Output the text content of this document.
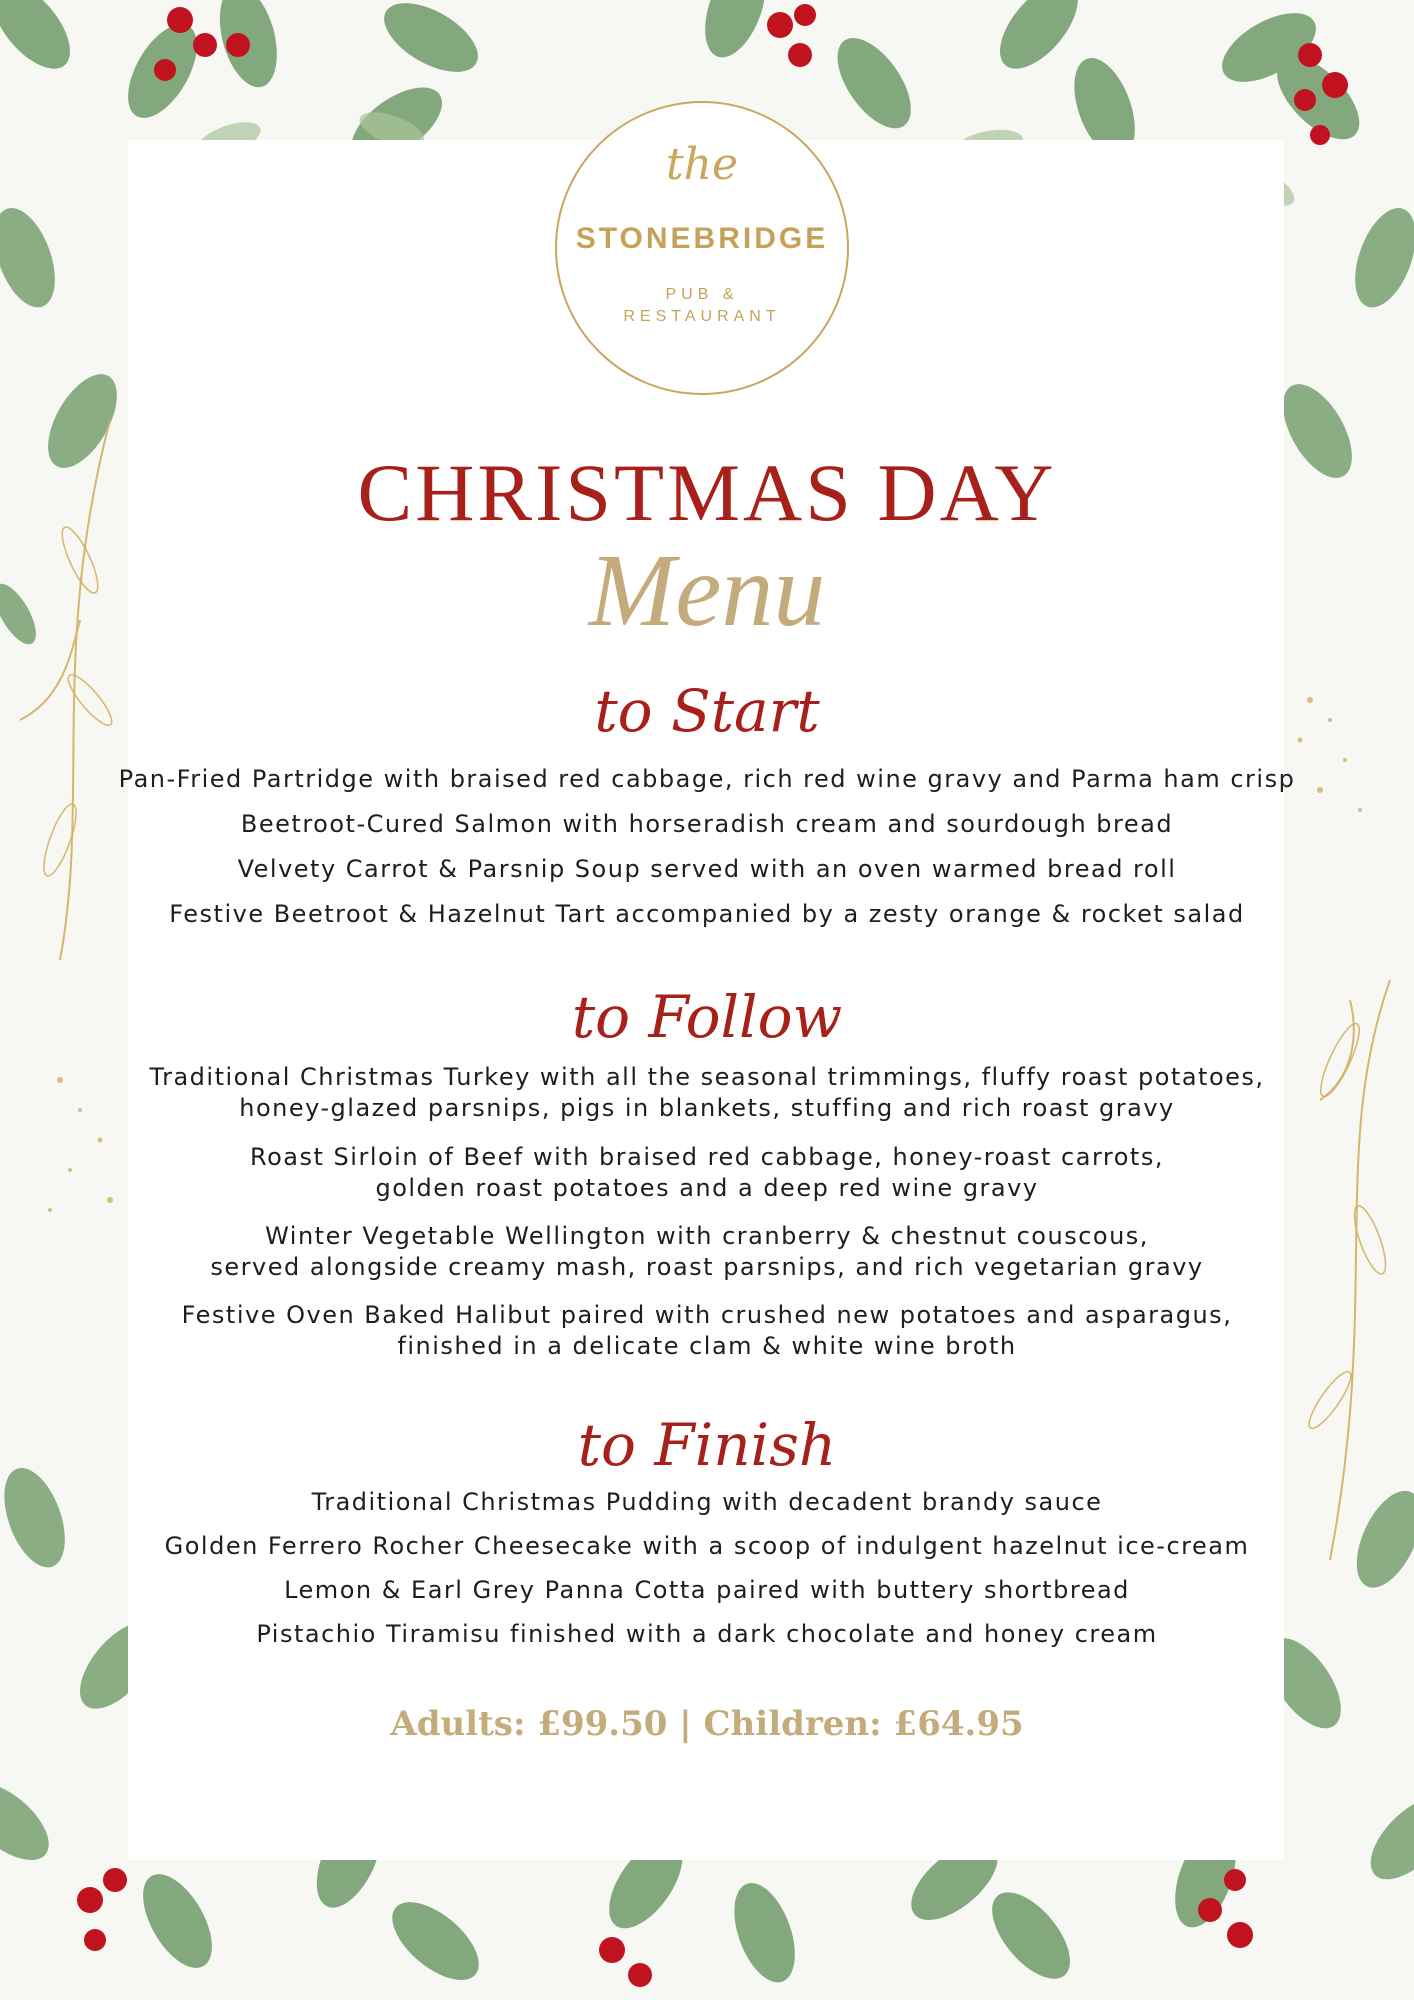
the
STONEBRIDGE
PUB &
RESTAURANT
CHRISTMAS DAY
Menu
to Start
Pan-Fried Partridge with braised red cabbage, rich red wine gravy and Parma ham crisp
Beetroot-Cured Salmon with horseradish cream and sourdough bread
Velvety Carrot & Parsnip Soup served with an oven warmed bread roll
Festive Beetroot & Hazelnut Tart accompanied by a zesty orange & rocket salad
to Follow
Traditional Christmas Turkey with all the seasonal trimmings, fluffy roast potatoes,
honey-glazed parsnips, pigs in blankets, stuffing and rich roast gravy
Roast Sirloin of Beef with braised red cabbage, honey-roast carrots,
golden roast potatoes and a deep red wine gravy
Winter Vegetable Wellington with cranberry & chestnut couscous,
served alongside creamy mash, roast parsnips, and rich vegetarian gravy
Festive Oven Baked Halibut paired with crushed new potatoes and asparagus,
finished in a delicate clam & white wine broth
to Finish
Traditional Christmas Pudding with decadent brandy sauce
Golden Ferrero Rocher Cheesecake with a scoop of indulgent hazelnut ice-cream
Lemon & Earl Grey Panna Cotta paired with buttery shortbread
Pistachio Tiramisu finished with a dark chocolate and honey cream
Adults: £99.50 | Children: £64.95
